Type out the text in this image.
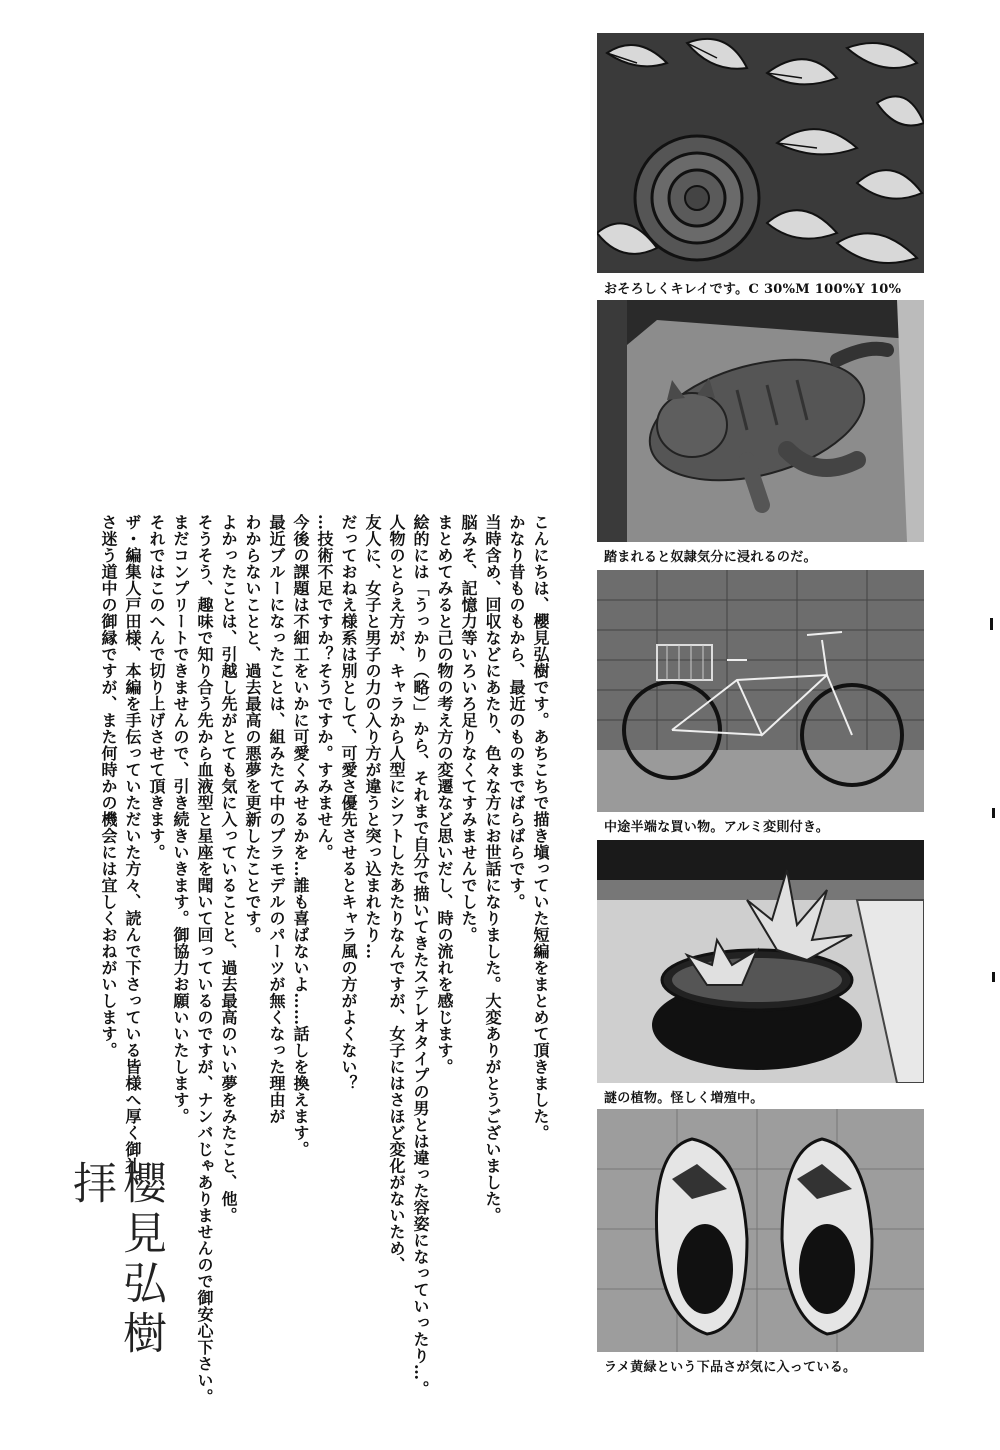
こんにちは、櫻見弘樹です。あちこちで描き塡っていた短編をまとめて頂きました。
かなり昔ものもから、最近のものまでばらばらです。
当時含め、回収などにあたり、色々な方にお世話になりました。大変ありがとうございました。
脳みそ、記憶力等いろいろ足りなくてすみませんでした。
まとめてみると己の物の考え方の変遷など思いだし、時の流れを感じます。
絵的には「うっかり（略）」から、それまで自分で描いてきたステレオタイプの男とは違った容姿になっていったり…。
人物のとらえ方が、キャラから人型にシフトしたあたりなんですが、女子にはさほど変化がないため、
友人に、女子と男子の力の入り方が違うと突っ込まれたり…
だっておねえ様系は別として、可愛さ優先させるとキャラ風の方がよくない？
…技術不足ですか？そうですか。すみません。
今後の課題は不細工をいかに可愛くみせるかを…誰も喜ばないよ……話しを換えます。
最近ブルーになったことは、組みたて中のプラモデルのパーツが無くなった理由が
わからないことと、過去最高の悪夢を更新したことです。
よかったことは、引越し先がとても気に入っていることと、過去最高のいい夢をみたこと、他。
そうそう、趣味で知り合う先から血液型と星座を聞いて回っているのですが、ナンバじゃありませんので御安心下さい。
まだコンプリートできませんので、引き続きいきます。御協力お願いいたします。
それではこのへんで切り上げさせて頂きます。
ザ・編集人戸田様、本編を手伝っていただいた方々、読んで下さっている皆様へ厚く御礼。
さ迷う道中の御縁ですが、また何時かの機会には宜しくおねがいします。
櫻見弘樹拝
おそろしくキレイです。C 30%M 100%Y 10%
踏まれると奴隷気分に浸れるのだ。
中途半端な買い物。アルミ変則付き。
謎の植物。怪しく増殖中。
ラメ黄緑という下品さが気に入っている。
